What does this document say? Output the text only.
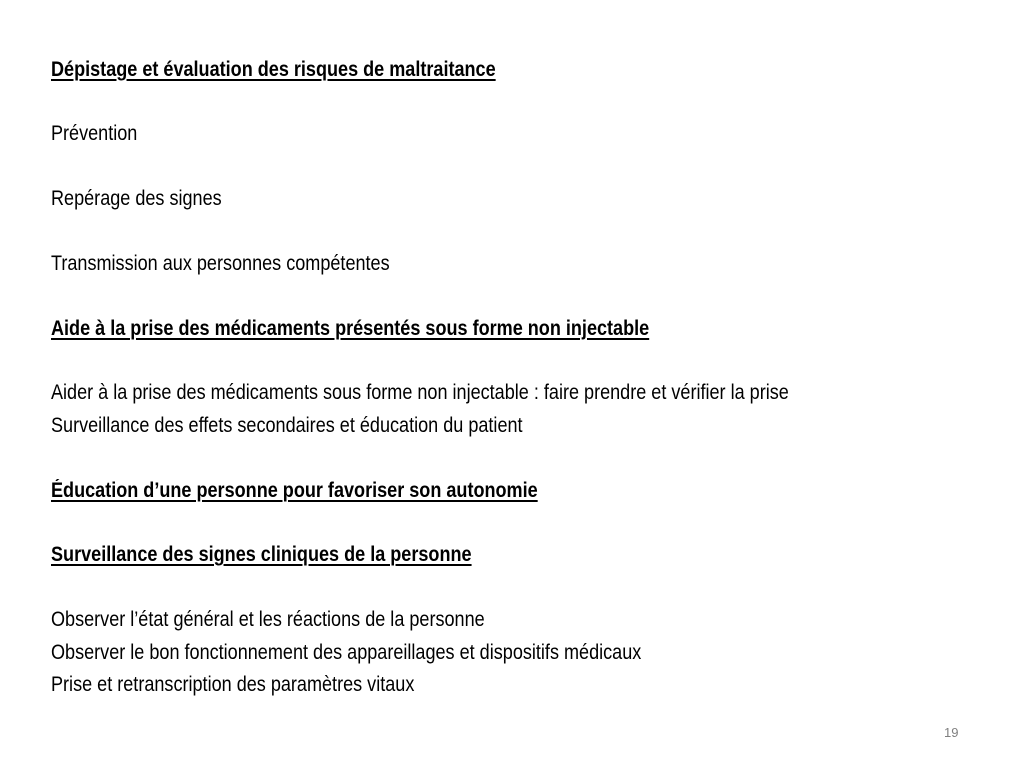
Dépistage et évaluation des risques de maltraitance
Prévention
Repérage des signes
Transmission aux personnes compétentes
Aide à la prise des médicaments présentés sous forme non injectable
Aider à la prise des médicaments sous forme non injectable : faire prendre et vérifier la prise
Surveillance des effets secondaires et éducation du patient
Éducation d’une personne pour favoriser son autonomie
Surveillance des signes cliniques de la personne
Observer l’état général et les réactions de la personne
Observer le bon fonctionnement des appareillages et dispositifs médicaux
Prise et retranscription des paramètres vitaux
19
